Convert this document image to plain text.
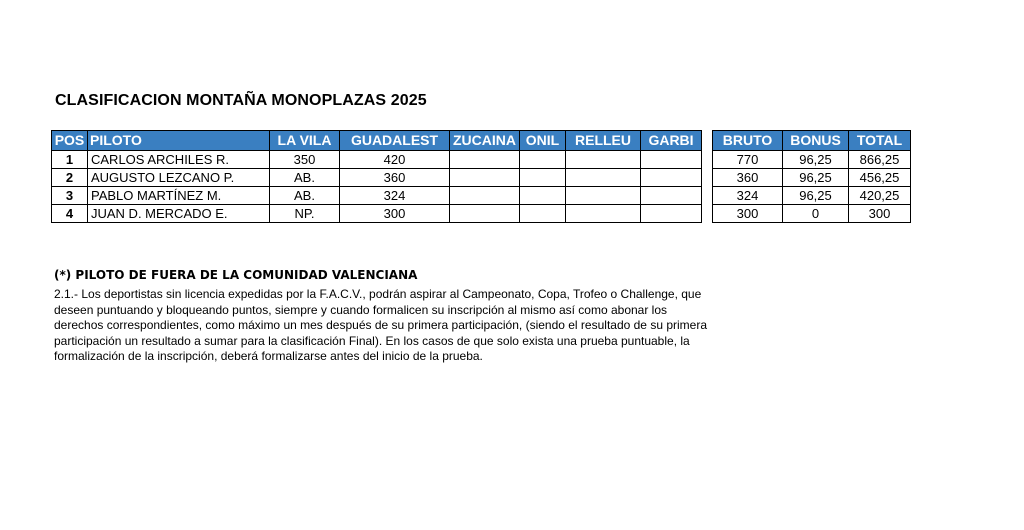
CLASIFICACION MONTAÑA MONOPLAZAS 2025
POS	PILOTO	LA VILA	GUADALEST	ZUCAINA	ONIL	RELLEU	GARBI
1	CARLOS ARCHILES R.	350	420				
2	AUGUSTO LEZCANO P.	AB.	360				
3	PABLO MARTÍNEZ M.	AB.	324				
4	JUAN D. MERCADO E.	NP.	300				
BRUTO	BONUS	TOTAL
770	96,25	866,25
360	96,25	456,25
324	96,25	420,25
300	0	300
(*) PILOTO DE FUERA DE LA COMUNIDAD VALENCIANA
2.1.- Los deportistas sin licencia expedidas por la F.A.C.V., podrán aspirar al Campeonato, Copa, Trofeo o Challenge, que
deseen puntuando y bloqueando puntos, siempre y cuando formalicen su inscripción al mismo así como abonar los
derechos correspondientes, como máximo un mes después de su primera participación, (siendo el resultado de su primera
participación un resultado a sumar para la clasificación Final). En los casos de que solo exista una prueba puntuable, la
formalización de la inscripción, deberá formalizarse antes del inicio de la prueba.
